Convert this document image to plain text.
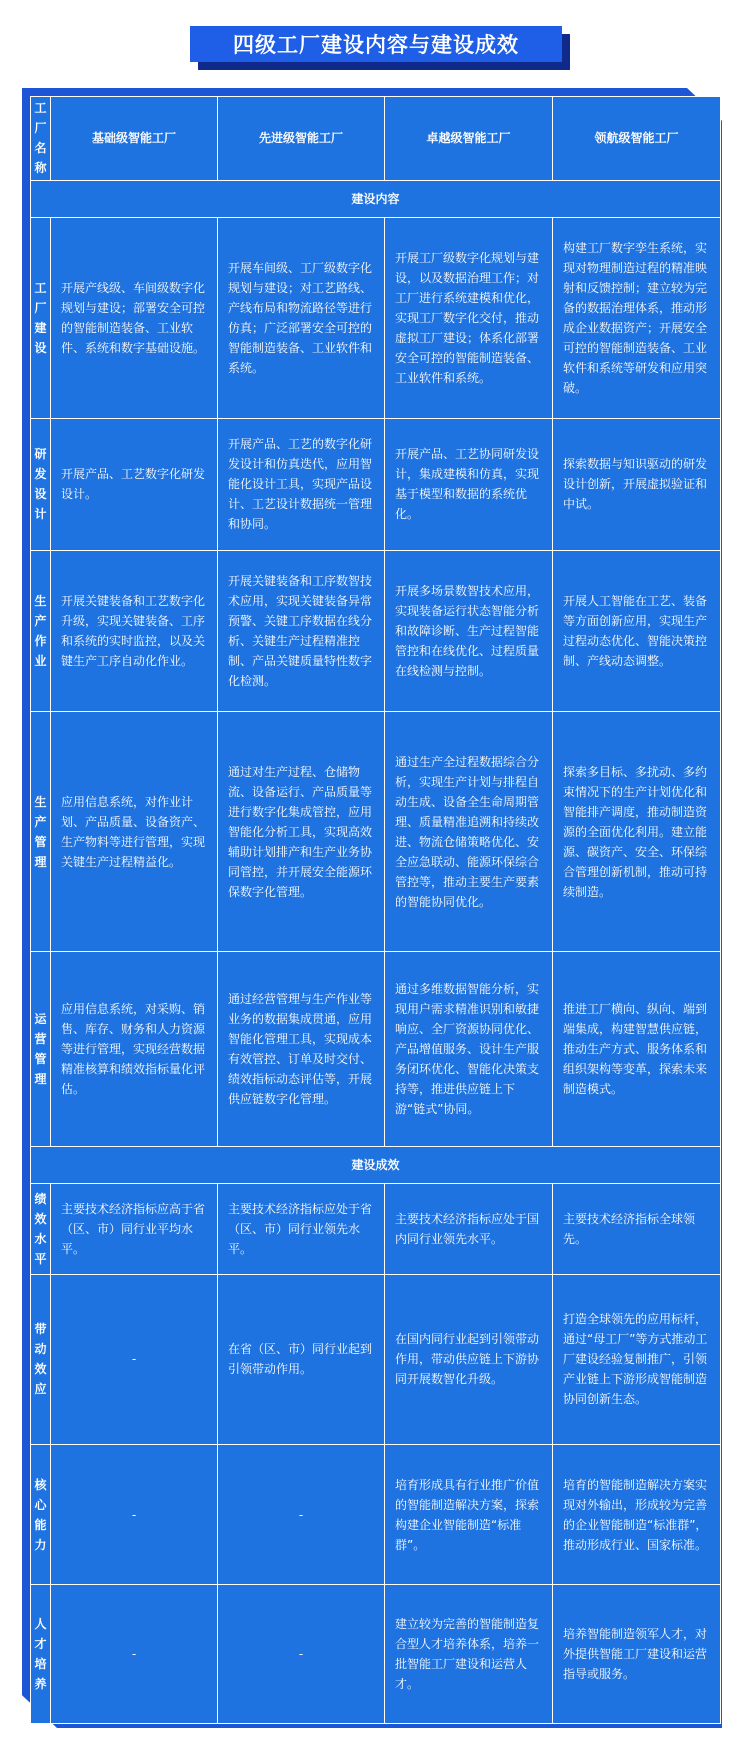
四级工厂建设内容与建设成效
工厂名称	基础级智能工厂	先进级智能工厂	卓越级智能工厂	领航级智能工厂
建设内容				

工厂建设	开展产线级、车间级数字化规划与建设；部署安全可控的智能制造装备、工业软件、系统和数字基础设施。	开展车间级、工厂级数字化规划与建设；对工艺路线、产线布局和物流路径等进行仿真；广泛部署安全可控的智能制造装备、工业软件和系统。	开展工厂级数字化规划与建设，以及数据治理工作；对工厂进行系统建模和优化，实现工厂数字化交付，推动虚拟工厂建设；体系化部署安全可控的智能制造装备、工业软件和系统。	构建工厂数字孪生系统，实现对物理制造过程的精准映射和反馈控制；建立较为完备的数据治理体系，推动形成企业数据资产；开展安全可控的智能制造装备、工业软件和系统等研发和应用突破。

研发设计	开展产品、工艺数字化研发设计。	开展产品、工艺的数字化研发设计和仿真迭代，应用智能化设计工具，实现产品设计、工艺设计数据统一管理和协同。	开展产品、工艺协同研发设计，集成建模和仿真，实现基于模型和数据的系统优化。	探索数据与知识驱动的研发设计创新，开展虚拟验证和中试。

生产作业	开展关键装备和工艺数字化升级，实现关键装备、工序和系统的实时监控，以及关键生产工序自动化作业。	开展关键装备和工序数智技术应用，实现关键装备异常预警、关键工序数据在线分析、关键生产过程精准控制、产品关键质量特性数字化检测。	开展多场景数智技术应用，实现装备运行状态智能分析和故障诊断、生产过程智能管控和在线优化、过程质量在线检测与控制。	开展人工智能在工艺、装备等方面创新应用，实现生产过程动态优化、智能决策控制、产线动态调整。

生产管理	应用信息系统，对作业计划、产品质量、设备资产、生产物料等进行管理，实现关键生产过程精益化。	通过对生产过程、仓储物流、设备运行、产品质量等进行数字化集成管控，应用智能化分析工具，实现高效辅助计划排产和生产业务协同管控，并开展安全能源环保数字化管理。	通过生产全过程数据综合分析，实现生产计划与排程自动生成、设备全生命周期管理、质量精准追溯和持续改进、物流仓储策略优化、安全应急联动、能源环保综合管控等，推动主要生产要素的智能协同优化。	探索多目标、多扰动、多约束情况下的生产计划优化和智能排产调度，推动制造资源的全面优化利用。建立能源、碳资产、安全、环保综合管理创新机制，推动可持续制造。

运营管理	应用信息系统，对采购、销售、库存、财务和人力资源等进行管理，实现经营数据精准核算和绩效指标量化评估。	通过经营管理与生产作业等业务的数据集成贯通，应用智能化管理工具，实现成本有效管控、订单及时交付、绩效指标动态评估等，开展供应链数字化管理。	通过多维数据智能分析，实现用户需求精准识别和敏捷响应、全厂资源协同优化、产品增值服务、设计生产服务闭环优化、智能化决策支持等，推进供应链上下游“链式”协同。	推进工厂横向、纵向、端到端集成，构建智慧供应链，推动生产方式、服务体系和组织架构等变革，探索未来制造模式。

建设成效				

绩效水平	主要技术经济指标应高于省（区、市）同行业平均水平。	主要技术经济指标应处于省（区、市）同行业领先水平。	主要技术经济指标应处于国内同行业领先水平。	主要技术经济指标全球领先。

带动效应	-	在省（区、市）同行业起到引领带动作用。	在国内同行业起到引领带动作用，带动供应链上下游协同开展数智化升级。	打造全球领先的应用标杆，通过“母工厂”等方式推动工厂建设经验复制推广，引领产业链上下游形成智能制造协同创新生态。

核心能力	-	-	培育形成具有行业推广价值的智能制造解决方案，探索构建企业智能制造“标准群”。	培育的智能制造解决方案实现对外输出，形成较为完善的企业智能制造“标准群”，推动形成行业、国家标准。

人才培养	-	-	建立较为完善的智能制造复合型人才培养体系，培养一批智能工厂建设和运营人才。	培养智能制造领军人才，对外提供智能工厂建设和运营指导或服务。
